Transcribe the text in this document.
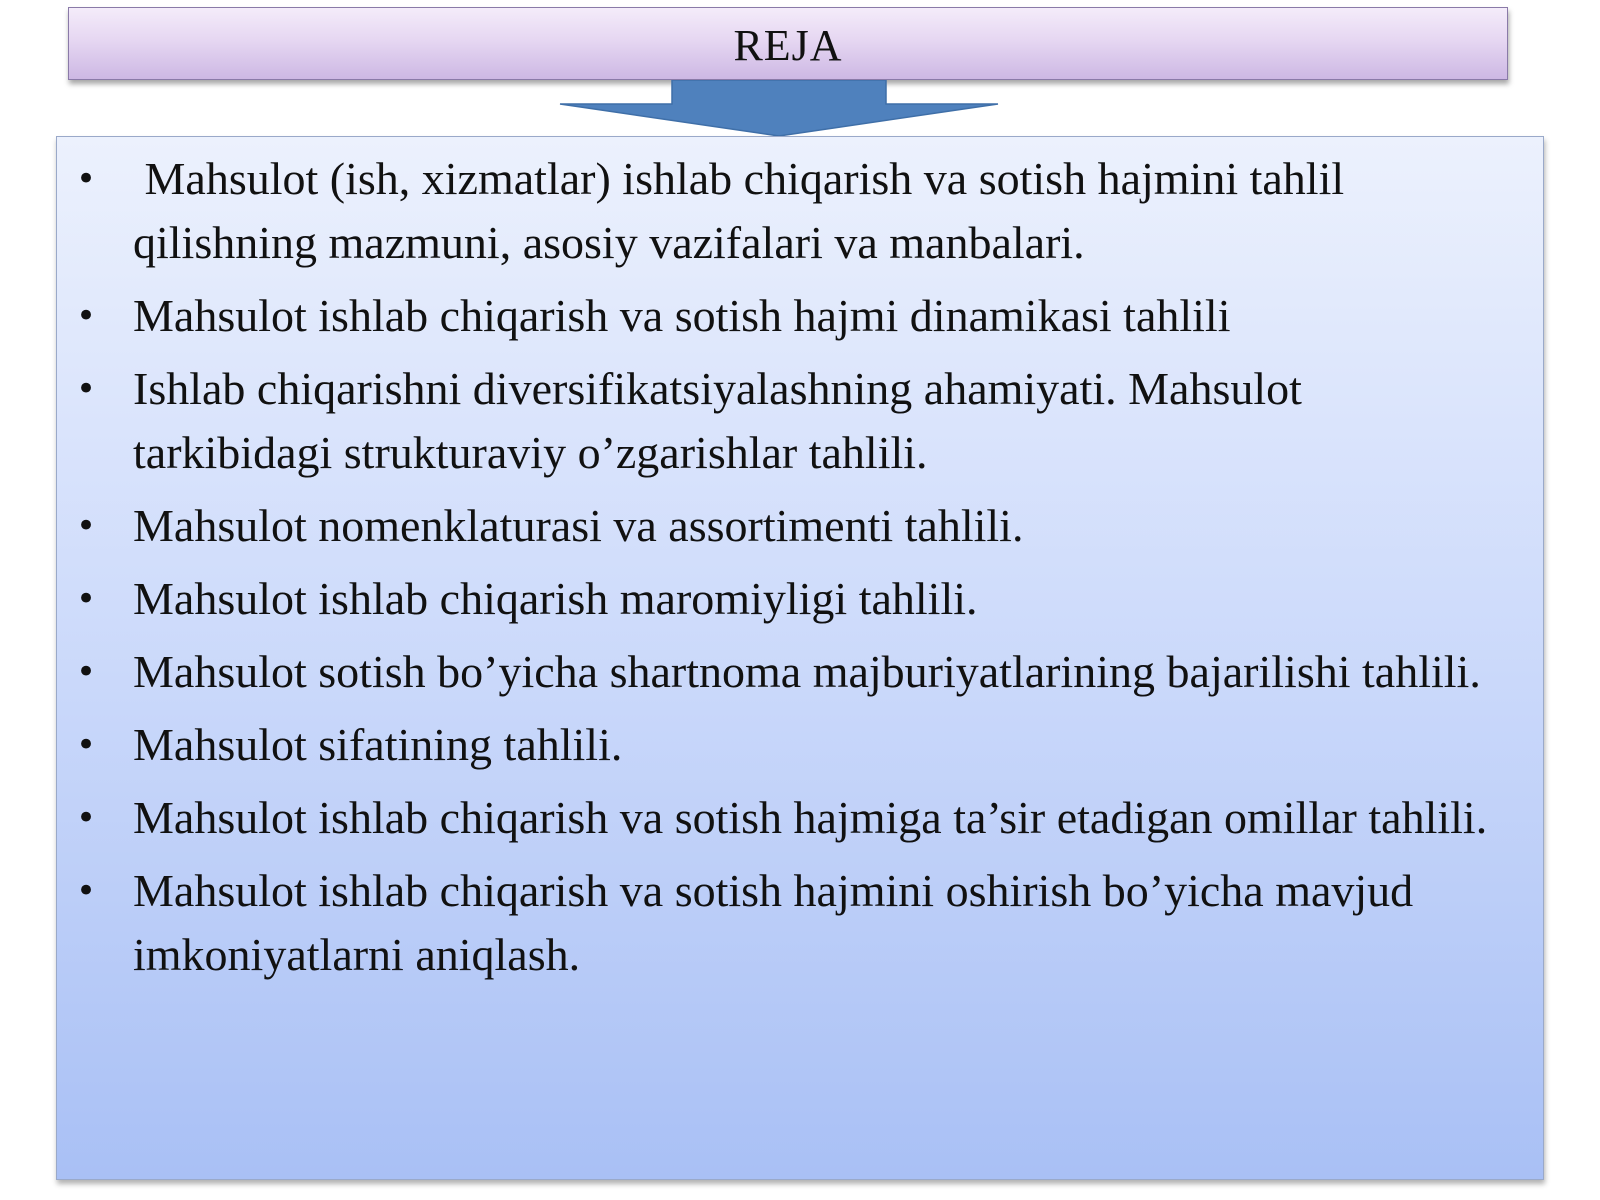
REJA
• Mahsulot (ish, xizmatlar) ishlab chiqarish va sotish hajmini tahlil qilishning mazmuni, asosiy vazifalari va manbalari.
• Mahsulot ishlab chiqarish va sotish hajmi dinamikasi tahlili
• Ishlab chiqarishni diversifikatsiyalashning ahamiyati. Mahsulot tarkibidagi strukturaviy o’zgarishlar tahlili.
• Mahsulot nomenklaturasi va assortimenti tahlili.
• Mahsulot ishlab chiqarish maromiyligi tahlili.
• Mahsulot sotish bo’yicha shartnoma majburiyatlarining bajarilishi tahlili.
• Mahsulot sifatining tahlili.
• Mahsulot ishlab chiqarish va sotish hajmiga ta’sir etadigan omillar tahlili.
• Mahsulot ishlab chiqarish va sotish hajmini oshirish bo’yicha mavjud imkoniyatlarni aniqlash.
